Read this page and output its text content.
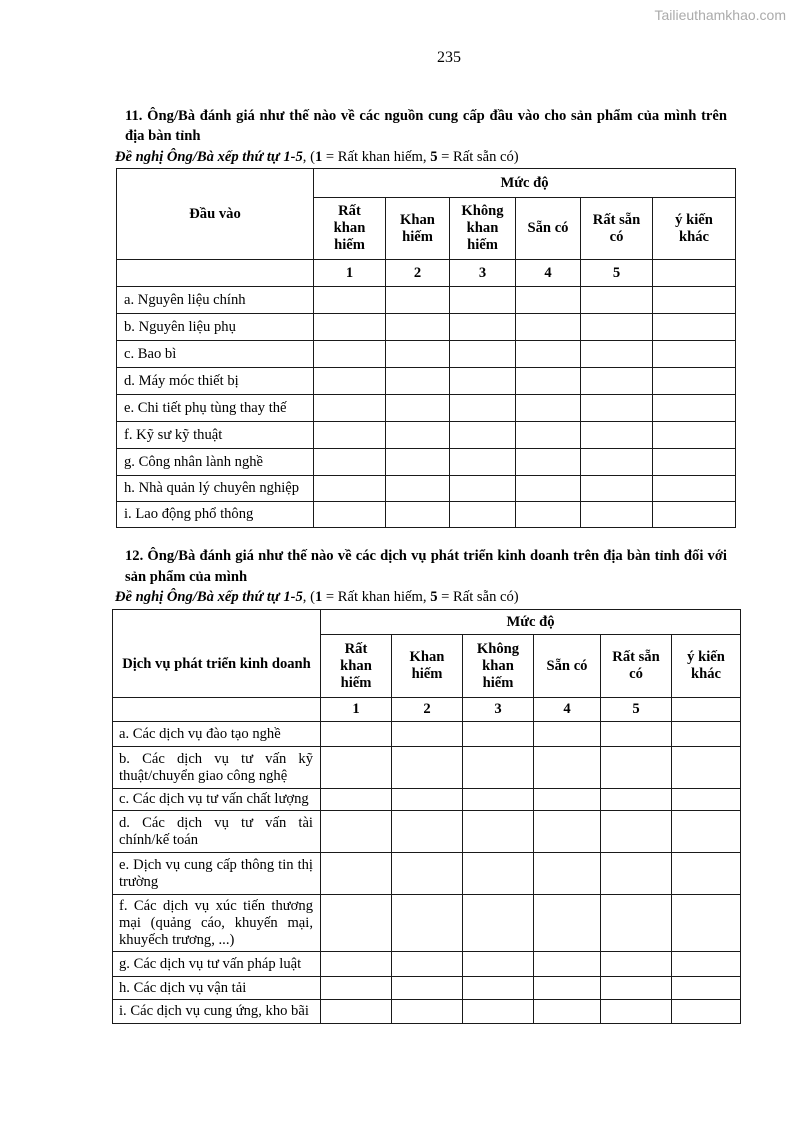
Tailieuthamkhao.com
235
11. Ông/Bà đánh giá như thế nào về các nguồn cung cấp đầu vào cho sản phẩm của mình trên
địa bàn tỉnh
Đề nghị Ông/Bà xếp thứ tự 1-5, (1 = Rất khan hiếm, 5 = Rất sẵn có)
Đầu vào	Mức độ					
	Rất khan hiếm	Khan hiếm	Không khan hiếm	Sẵn có	Rất sẵn có	ý kiến khác
	1	2	3	4	5	

a. Nguyên liệu chính						

b. Nguyên liệu phụ						

c. Bao bì						

d. Máy móc thiết bị						

e. Chi tiết phụ tùng thay thế						

f. Kỹ sư kỹ thuật						

g. Công nhân lành nghề						

h. Nhà quản lý chuyên nghiệp						

i. Lao động phổ thông						

12. Ông/Bà đánh giá như thế nào về các dịch vụ phát triển kinh doanh trên địa bàn tỉnh đối với
sản phẩm của mình
Đề nghị Ông/Bà xếp thứ tự 1-5, (1 = Rất khan hiếm, 5 = Rất sẵn có)
Dịch vụ phát triển kinh doanh	Mức độ					
	Rất khan hiếm	Khan hiếm	Không khan hiếm	Sẵn có	Rất sẵn có	ý kiến khác
	1	2	3	4	5	

a. Các dịch vụ đào tạo nghề						

b. Các dịch vụ tư vấn kỹ
thuật/chuyển giao công nghệ						

c. Các dịch vụ tư vấn chất lượng						

d. Các dịch vụ tư vấn tài
chính/kế toán						

e. Dịch vụ cung cấp thông tin thị
trường						

f. Các dịch vụ xúc tiến thương
mại (quảng cáo, khuyến mại,
khuyếch trương, ...)						

g. Các dịch vụ tư vấn pháp luật						

h. Các dịch vụ vận tải						

i. Các dịch vụ cung ứng, kho bãi						
